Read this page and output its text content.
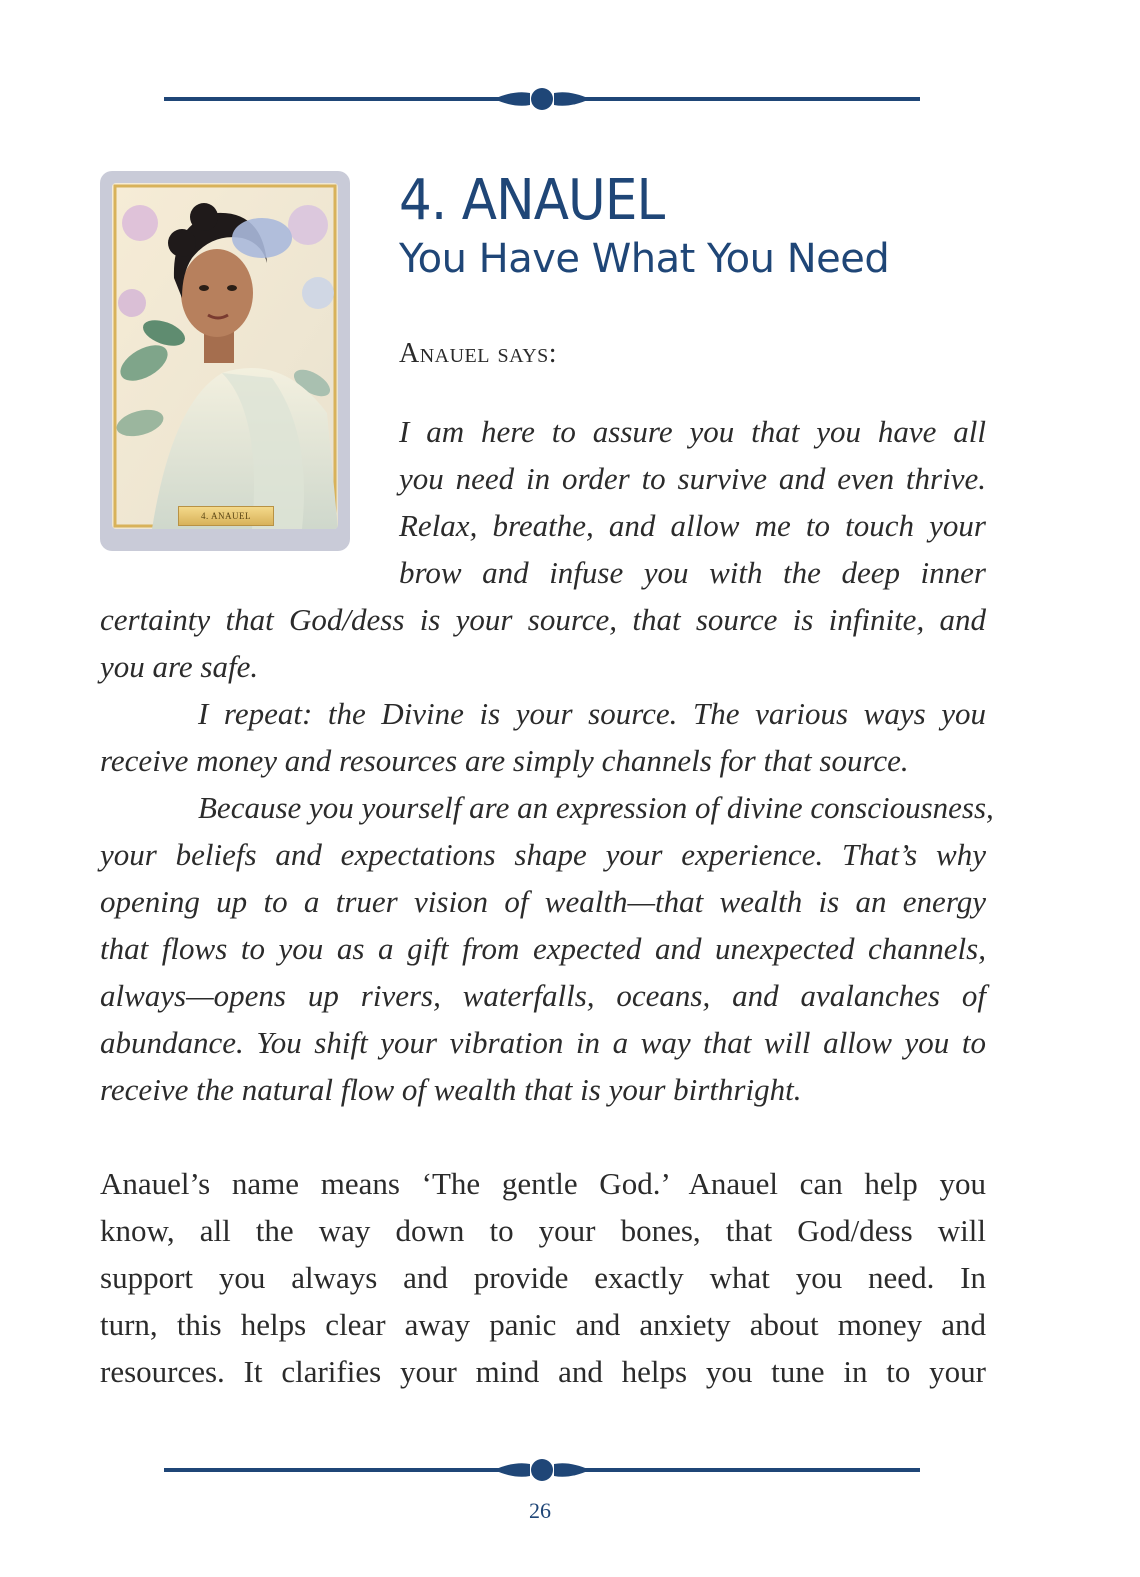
4. ANAUEL
4. ANAUEL
You Have What You Need
Anauel says:
I am here to assure you that you have all
you need in order to survive and even thrive.
Relax, breathe, and allow me to touch your
brow and infuse you with the deep inner
certainty that God/dess is your source, that source is infinite, and
you are safe.
I repeat: the Divine is your source. The various ways you
receive money and resources are simply channels for that source.
Because you yourself are an expression of divine consciousness,
your beliefs and expectations shape your experience. That’s why
opening up to a truer vision of wealth—that wealth is an energy
that flows to you as a gift from expected and unexpected channels,
always—opens up rivers, waterfalls, oceans, and avalanches of
abundance. You shift your vibration in a way that will allow you to
receive the natural flow of wealth that is your birthright.
Anauel’s name means ‘The gentle God.’ Anauel can help you
know, all the way down to your bones, that God/dess will
support you always and provide exactly what you need. In
turn, this helps clear away panic and anxiety about money and
resources. It clarifies your mind and helps you tune in to your
26
